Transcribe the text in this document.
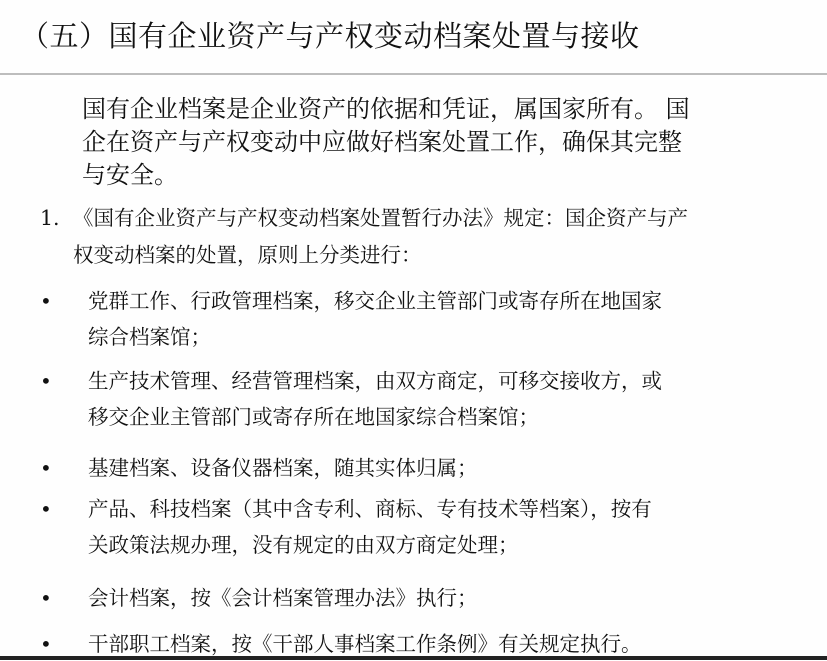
（五）国有企业资产与产权变动档案处置与接收
国有企业档案是企业资产的依据和凭证，属国家所有。 国
企在资产与产权变动中应做好档案处置工作，确保其完整
与安全。
1. 《国有企业资产与产权变动档案处置暂行办法》规定：国企资产与产
权变动档案的处置，原则上分类进行：
• 党群工作、行政管理档案，移交企业主管部门或寄存所在地国家
综合档案馆；
• 生产技术管理、经营管理档案，由双方商定，可移交接收方，或
移交企业主管部门或寄存所在地国家综合档案馆；
• 基建档案、设备仪器档案，随其实体归属；
• 产品、科技档案（其中含专利、商标、专有技术等档案），按有
关政策法规办理，没有规定的由双方商定处理；
• 会计档案，按《会计档案管理办法》执行；
• 干部职工档案，按《干部人事档案工作条例》有关规定执行。
